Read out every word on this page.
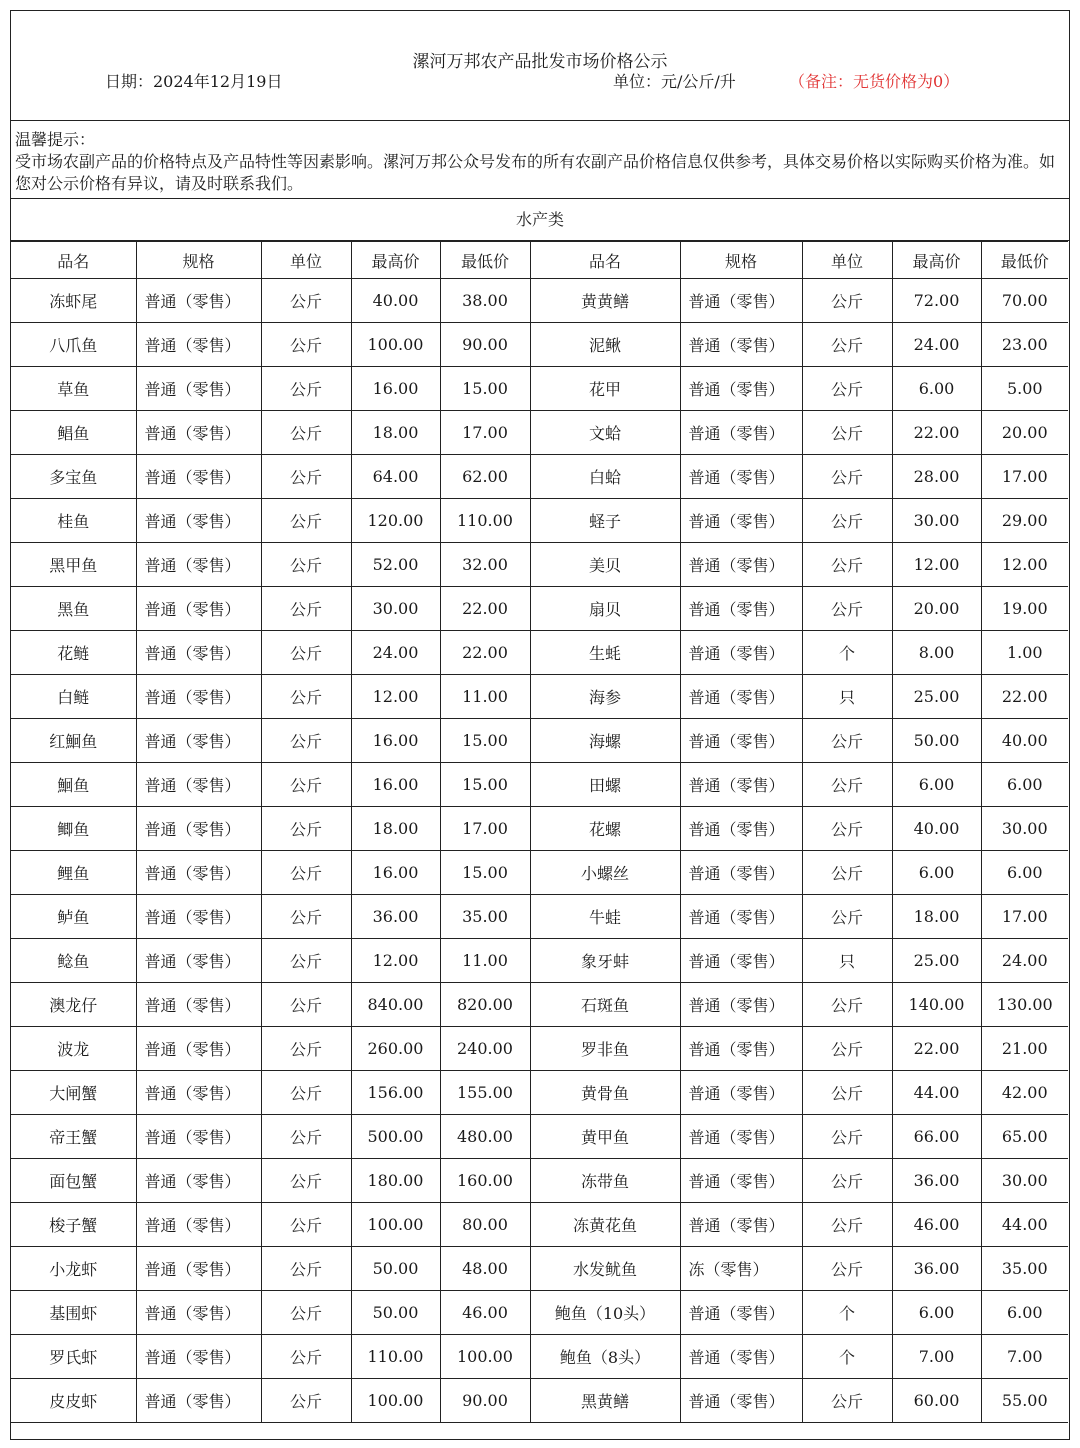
漯河万邦农产品批发市场价格公示
日期：2024年12月19日	单位：元/公斤/升	（备注：无货价格为0）
温馨提示：
受市场农副产品的价格特点及产品特性等因素影响。漯河万邦公众号发布的所有农副产品价格信息仅供参考，具体交易价格以实际购买价格为准。如您对公示价格有异议，请及时联系我们。
水产类
品名	规格	单位	最高价	最低价	品名	规格	单位	最高价	最低价
冻虾尾	普通（零售）	公斤	40.00	38.00	黄黄鳝	普通（零售）	公斤	72.00	70.00
八爪鱼	普通（零售）	公斤	100.00	90.00	泥鳅	普通（零售）	公斤	24.00	23.00
草鱼	普通（零售）	公斤	16.00	15.00	花甲	普通（零售）	公斤	6.00	5.00
鲳鱼	普通（零售）	公斤	18.00	17.00	文蛤	普通（零售）	公斤	22.00	20.00
多宝鱼	普通（零售）	公斤	64.00	62.00	白蛤	普通（零售）	公斤	28.00	17.00
桂鱼	普通（零售）	公斤	120.00	110.00	蛏子	普通（零售）	公斤	30.00	29.00
黑甲鱼	普通（零售）	公斤	52.00	32.00	美贝	普通（零售）	公斤	12.00	12.00
黑鱼	普通（零售）	公斤	30.00	22.00	扇贝	普通（零售）	公斤	20.00	19.00
花鲢	普通（零售）	公斤	24.00	22.00	生蚝	普通（零售）	个	8.00	1.00
白鲢	普通（零售）	公斤	12.00	11.00	海参	普通（零售）	只	25.00	22.00
红鮰鱼	普通（零售）	公斤	16.00	15.00	海螺	普通（零售）	公斤	50.00	40.00
鮰鱼	普通（零售）	公斤	16.00	15.00	田螺	普通（零售）	公斤	6.00	6.00
鲫鱼	普通（零售）	公斤	18.00	17.00	花螺	普通（零售）	公斤	40.00	30.00
鲤鱼	普通（零售）	公斤	16.00	15.00	小螺丝	普通（零售）	公斤	6.00	6.00
鲈鱼	普通（零售）	公斤	36.00	35.00	牛蛙	普通（零售）	公斤	18.00	17.00
鲶鱼	普通（零售）	公斤	12.00	11.00	象牙蚌	普通（零售）	只	25.00	24.00
澳龙仔	普通（零售）	公斤	840.00	820.00	石斑鱼	普通（零售）	公斤	140.00	130.00
波龙	普通（零售）	公斤	260.00	240.00	罗非鱼	普通（零售）	公斤	22.00	21.00
大闸蟹	普通（零售）	公斤	156.00	155.00	黄骨鱼	普通（零售）	公斤	44.00	42.00
帝王蟹	普通（零售）	公斤	500.00	480.00	黄甲鱼	普通（零售）	公斤	66.00	65.00
面包蟹	普通（零售）	公斤	180.00	160.00	冻带鱼	普通（零售）	公斤	36.00	30.00
梭子蟹	普通（零售）	公斤	100.00	80.00	冻黄花鱼	普通（零售）	公斤	46.00	44.00
小龙虾	普通（零售）	公斤	50.00	48.00	水发鱿鱼	冻（零售）	公斤	36.00	35.00
基围虾	普通（零售）	公斤	50.00	46.00	鲍鱼（10头）	普通（零售）	个	6.00	6.00
罗氏虾	普通（零售）	公斤	110.00	100.00	鲍鱼（8头）	普通（零售）	个	7.00	7.00
皮皮虾	普通（零售）	公斤	100.00	90.00	黑黄鳝	普通（零售）	公斤	60.00	55.00
